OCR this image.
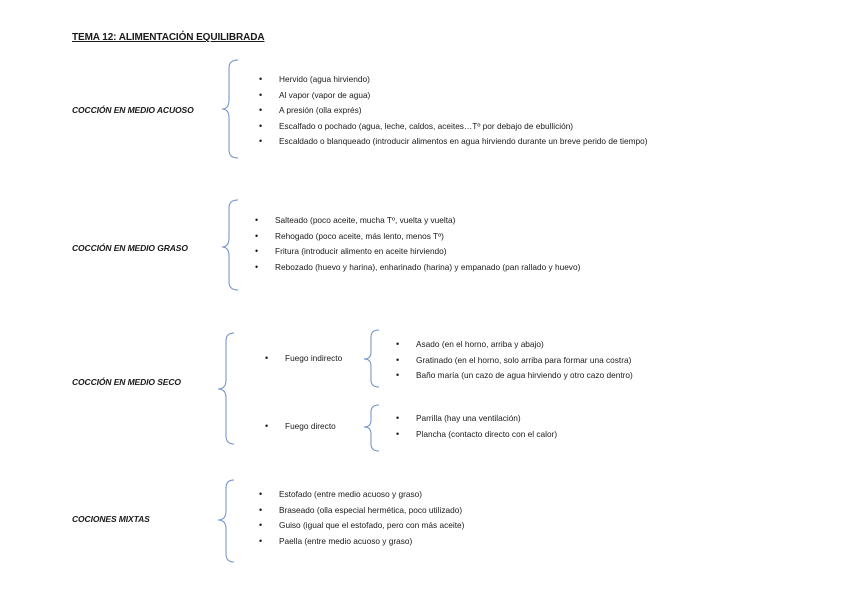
TEMA 12: ALIMENTACIÓN EQUILIBRADA
COCCIÓN EN MEDIO ACUOSO
• Hervido (agua hirviendo)
• Al vapor (vapor de agua)
• A presión (olla exprés)
• Escalfado o pochado (agua, leche, caldos, aceites…Tº por debajo de ebullición)
• Escaldado o blanqueado (introducir alimentos en agua hirviendo durante un breve perido de tiempo)
COCCIÓN EN MEDIO GRASO
• Salteado (poco aceite, mucha Tº, vuelta y vuelta)
• Rehogado (poco aceite, más lento, menos Tº)
• Fritura (introducir alimento en aceite hirviendo)
• Rebozado (huevo y harina), enharinado (harina) y empanado (pan rallado y huevo)
COCCIÓN EN MEDIO SECO
• Fuego indirecto
• Asado (en el horno, arriba y abajo)
• Gratinado (en el horno, solo arriba para formar una costra)
• Baño maría (un cazo de agua hirviendo y otro cazo dentro)
• Fuego directo
• Parrilla (hay una ventilación)
• Plancha (contacto directo con el calor)
COCIONES MIXTAS
• Estofado (entre medio acuoso y graso)
• Braseado (olla especial hermética, poco utilizado)
• Guiso (igual que el estofado, pero con más aceite)
• Paella (entre medio acuoso y graso)
